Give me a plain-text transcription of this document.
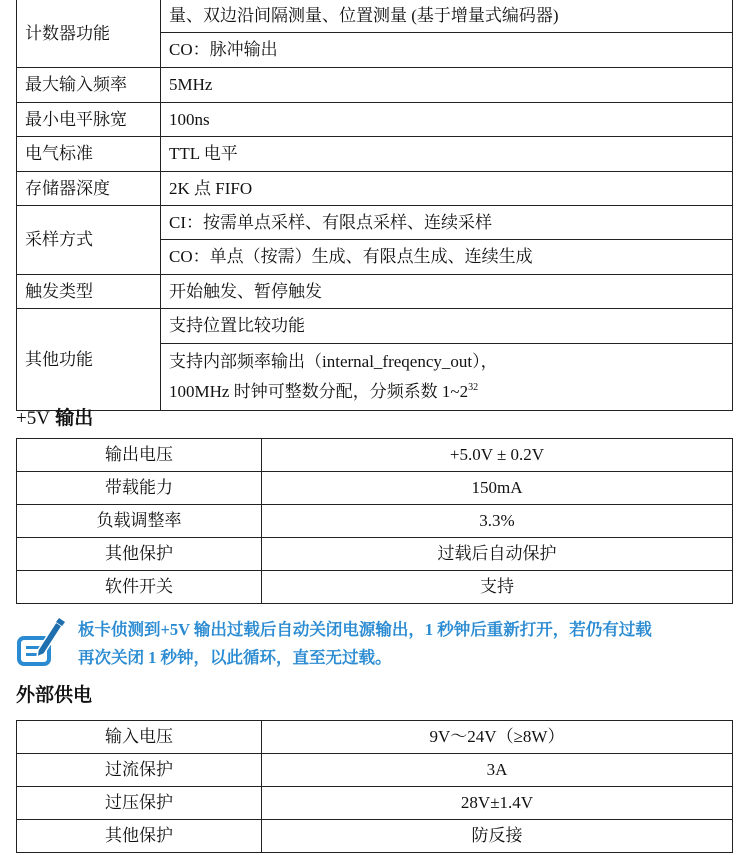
计数器功能	量、双边沿间隔测量、位置测量 (基于增量式编码器)
	CO：脉冲输出
最大输入频率	5MHz
最小电平脉宽	100ns
电气标准	TTL 电平
存储器深度	2K 点 FIFO
采样方式	CI：按需单点采样、有限点采样、连续采样
	CO：单点（按需）生成、有限点生成、连续生成
触发类型	开始触发、暂停触发
其他功能	支持位置比较功能
	支持内部频率输出（internal_freqency_out），
100MHz 时钟可整数分配，分频系数 $1\sim 2^{32}$
+5V 输出
输出电压	+5.0V ± 0.2V
带载能力	150mA
负载调整率	3.3%
其他保护	过载后自动保护
软件开关	支持
板卡侦测到+5V 输出过载后自动关闭电源输出，1 秒钟后重新打开，若仍有过载
再次关闭 1 秒钟，以此循环，直至无过载。
外部供电
输入电压	9V～24V（≥8W）
过流保护	3A
过压保护	28V±1.4V
其他保护	防反接
